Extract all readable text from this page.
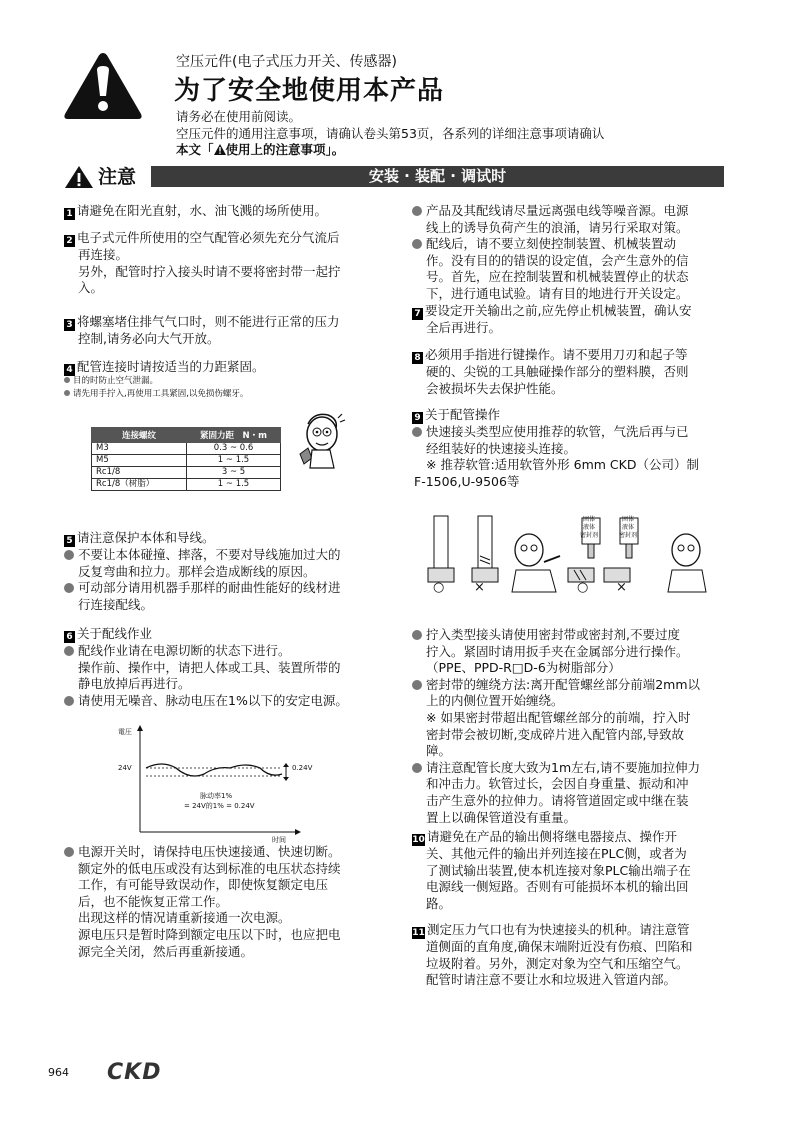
空压元件(电子式压力开关、传感器)
为了安全地使用本产品
请务必在使用前阅读。
空压元件的通用注意事项，请确认卷头第53页，各系列的详细注意事项请确认
本文「 使用上的注意事项」。
注意	安装 · 装配 · 调试时
1 请避免在阳光直射，水、油飞溅的场所使用。
2 电子式元件所使用的空气配管必须先充分气流后
再连接。
另外，配管时拧入接头时请不要将密封带一起拧
入。
3 将螺塞堵住排气气口时，则不能进行正常的压力
控制,请务必向大气开放。
4 配管连接时请按适当的力距紧固。
目的时防止空气泄漏。
请先用手拧入,再使用工具紧固,以免损伤螺牙。
连接螺纹	紧固力距　N・m
M3	0.3 ~ 0.6
M5	1 ~ 1.5
Rc1/8	3 ~ 5
Rc1/8（树脂）	1 ~ 1.5
5 请注意保护本体和导线。
不要让本体碰撞、摔落，不要对导线施加过大的
反复弯曲和拉力。那样会造成断线的原因。
可动部分请用机器手那样的耐曲性能好的线材进
行连接配线。
6 关于配线作业
配线作业请在电源切断的状态下进行。
操作前、操作中，请把人体或工具、装置所带的
静电放掉后再进行。
请使用无噪音、脉动电压在1%以下的安定电源。
電圧
24V	0.24V
脉动率1%
= 24V的1% = 0.24V
时间
电源开关时，请保持电压快速接通、快速切断。
额定外的低电压或没有达到标准的电压状态持续
工作，有可能导致误动作，即使恢复额定电压
后，也不能恢复正常工作。
出现这样的情况请重新接通一次电源。
源电压只是暂时降到额定电压以下时，也应把电
源完全关闭，然后再重新接通。
产品及其配线请尽量远离强电线等噪音源。电源
线上的诱导负荷产生的浪涌，请另行采取对策。
配线后，请不要立刻使控制装置、机械装置动
作。没有目的的错误的设定值，会产生意外的信
号。首先，应在控制装置和机械装置停止的状态
下，进行通电试验。请有目的地进行开关设定。
7 要设定开关输出之前,应先停止机械装置，确认安
全后再进行。
8 必须用手指进行键操作。请不要用刀刃和起子等
硬的、尖锐的工具触碰操作部分的塑料膜，否则
会被损坏失去保护性能。
9 关于配管操作
快速接头类型应使用推荐的软管，气洗后再与已
经组装好的快速接头连接。
※ 推荐软管:适用软管外形 6mm CKD（公司）制
F-1506,U-9506等
固体
液体
密封剂
固体
液体
密封剂
○ ×	○ ×
拧入类型接头请使用密封带或密封剂,不要过度
拧入。紧固时请用扳手夹在金属部分进行操作。
（PPE、PPD-R□D-6为树脂部分）
密封带的缠绕方法:离开配管螺丝部分前端2mm以
上的内侧位置开始缠绕。
※ 如果密封带超出配管螺丝部分的前端，拧入时
密封带会被切断,变成碎片进入配管内部,导致故
障。
请注意配管长度大致为1m左右,请不要施加拉伸力
和冲击力。软管过长，会因自身重量、振动和冲
击产生意外的拉伸力。请将管道固定或中继在装
置上以确保管道没有重量。
10 请避免在产品的输出侧将继电器接点、操作开
关、其他元件的输出并列连接在PLC侧，或者为
了测试输出装置,使本机连接对象PLC输出端子在
电源线一侧短路。否则有可能损坏本机的输出回
路。
11 测定压力气口也有为快速接头的机种。请注意管
道侧面的直角度,确保末端附近没有伤痕、凹陷和
垃圾附着。另外，测定对象为空气和压缩空气。
配管时请注意不要让水和垃圾进入管道内部。
964 CKD
